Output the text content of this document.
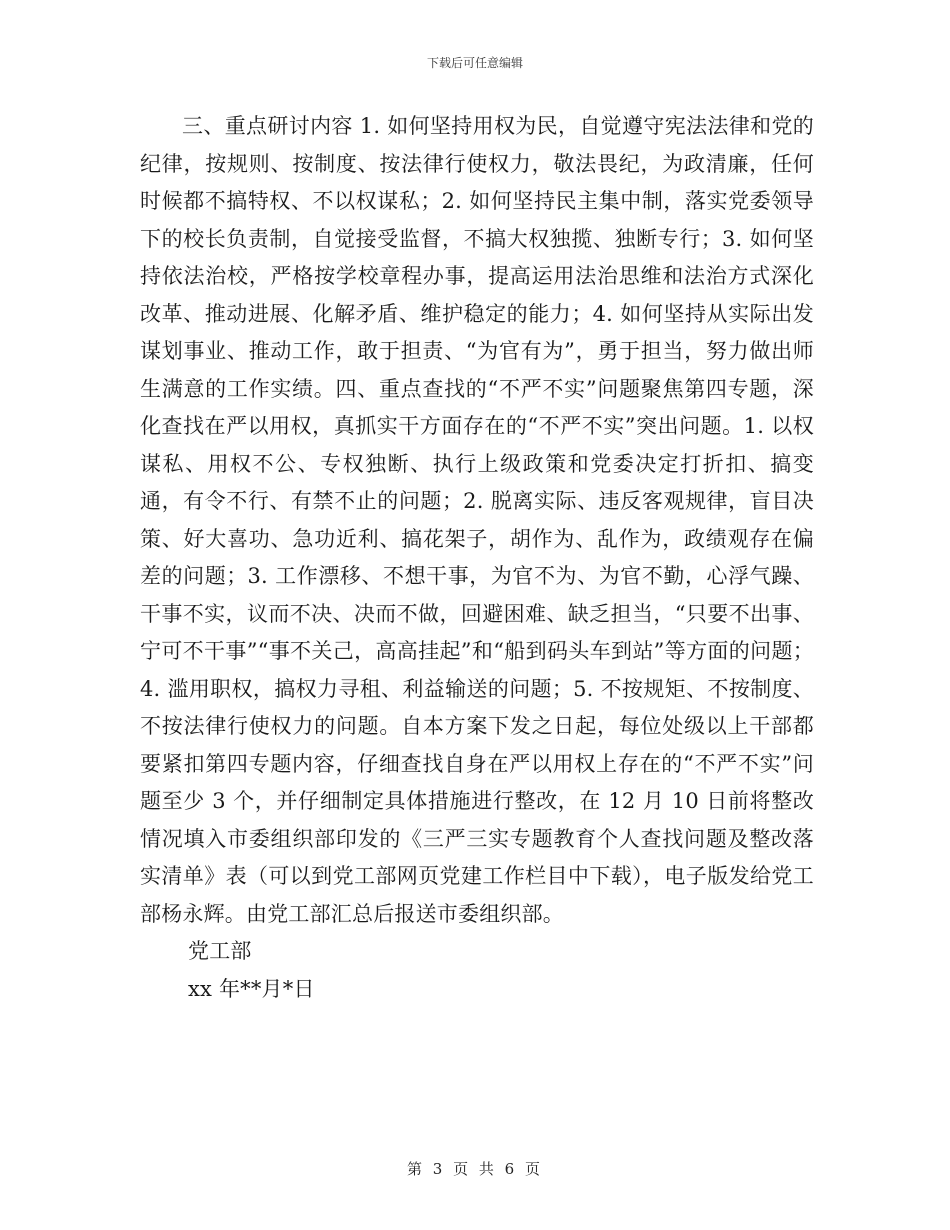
下载后可任意编辑

三、重点研讨内容 1. 如何坚持用权为民，自觉遵守宪法法律和党的纪律，按规则、按制度、按法律行使权力，敬法畏纪，为政清廉，任何时候都不搞特权、不以权谋私；2. 如何坚持民主集中制，落实党委领导下的校长负责制，自觉接受监督，不搞大权独揽、独断专行；3. 如何坚持依法治校，严格按学校章程办事，提高运用法治思维和法治方式深化改革、推动进展、化解矛盾、维护稳定的能力；4. 如何坚持从实际出发谋划事业、推动工作，敢于担责、“为官有为”，勇于担当，努力做出师生满意的工作实绩。四、重点查找的“不严不实”问题聚焦第四专题，深化查找在严以用权，真抓实干方面存在的“不严不实”突出问题。1. 以权谋私、用权不公、专权独断、执行上级政策和党委决定打折扣、搞变通，有令不行、有禁不止的问题；2. 脱离实际、违反客观规律，盲目决策、好大喜功、急功近利、搞花架子，胡作为、乱作为，政绩观存在偏差的问题；3. 工作漂移、不想干事，为官不为、为官不勤，心浮气躁、干事不实，议而不决、决而不做，回避困难、缺乏担当，“只要不出事、宁可不干事”“事不关己，高高挂起”和“船到码头车到站”等方面的问题；4. 滥用职权，搞权力寻租、利益输送的问题；5. 不按规矩、不按制度、不按法律行使权力的问题。自本方案下发之日起，每位处级以上干部都要紧扣第四专题内容，仔细查找自身在严以用权上存在的“不严不实”问题至少 3 个，并仔细制定具体措施进行整改，在 12 月 10 日前将整改情况填入市委组织部印发的《三严三实专题教育个人查找问题及整改落实清单》表（可以到党工部网页党建工作栏目中下载），电子版发给党工部杨永辉。由党工部汇总后报送市委组织部。

党工部

xx 年**月*日

第 3 页 共 6 页
